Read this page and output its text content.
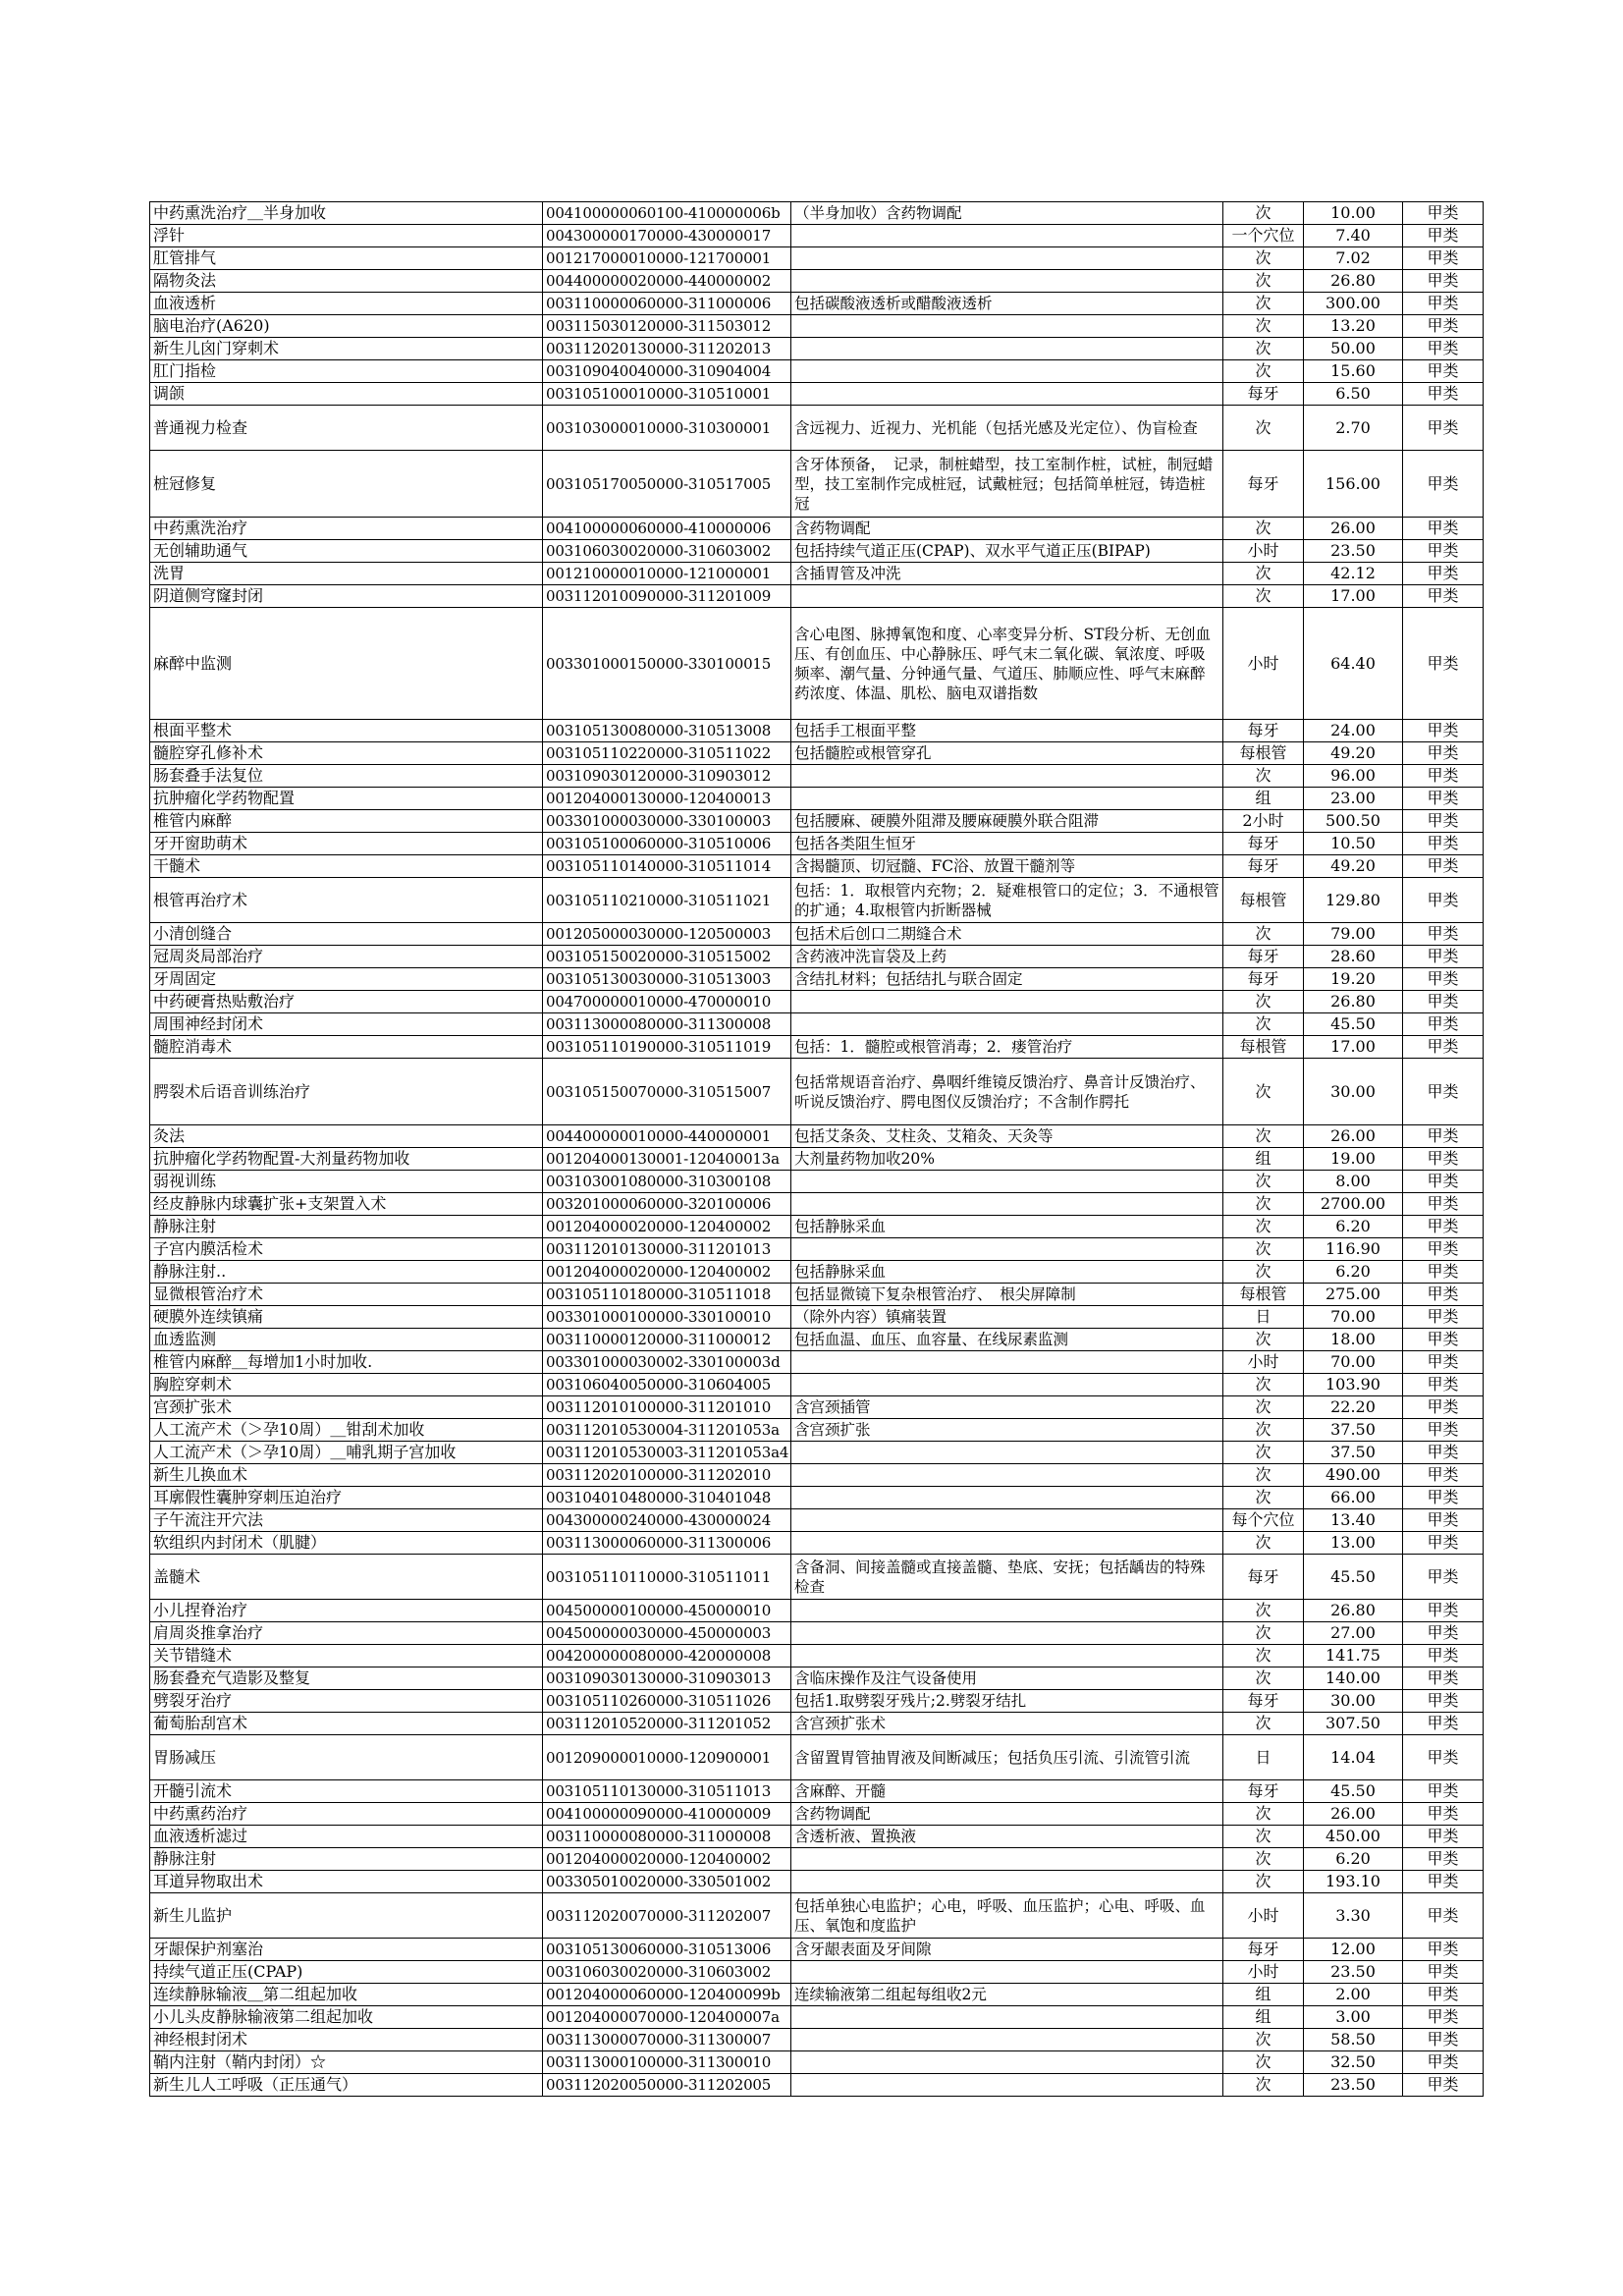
中药熏洗治疗＿半身加收	004100000060100-410000006b	（半身加收）含药物调配	次	10.00	甲类
浮针	004300000170000-430000017		一个穴位	7.40	甲类
肛管排气	001217000010000-121700001		次	7.02	甲类
隔物灸法	004400000020000-440000002		次	26.80	甲类
血液透析	003110000060000-311000006	包括碳酸液透析或醋酸液透析	次	300.00	甲类
脑电治疗(A620)	003115030120000-311503012		次	13.20	甲类
新生儿囟门穿刺术	003112020130000-311202013		次	50.00	甲类
肛门指检	003109040040000-310904004		次	15.60	甲类
调颌	003105100010000-310510001		每牙	6.50	甲类
普通视力检查	003103000010000-310300001	含远视力、近视力、光机能（包括光感及光定位）、伪盲检查	次	2.70	甲类
桩冠修复	003105170050000-310517005	含牙体预备，　记录，制桩蜡型，技工室制作桩，试桩，制冠蜡型，技工室制作完成桩冠，试戴桩冠；包括简单桩冠，铸造桩冠	每牙	156.00	甲类
中药熏洗治疗	004100000060000-410000006	含药物调配	次	26.00	甲类
无创辅助通气	003106030020000-310603002	包括持续气道正压(CPAP)、双水平气道正压(BIPAP)	小时	23.50	甲类
洗胃	001210000010000-121000001	含插胃管及冲洗	次	42.12	甲类
阴道侧穹窿封闭	003112010090000-311201009		次	17.00	甲类
麻醉中监测	003301000150000-330100015	含心电图、脉搏氧饱和度、心率变异分析、ST段分析、无创血压、有创血压、中心静脉压、呼气末二氧化碳、氧浓度、呼吸频率、潮气量、分钟通气量、气道压、肺顺应性、呼气末麻醉药浓度、体温、肌松、脑电双谱指数	小时	64.40	甲类
根面平整术	003105130080000-310513008	包括手工根面平整	每牙	24.00	甲类
髓腔穿孔修补术	003105110220000-310511022	包括髓腔或根管穿孔	每根管	49.20	甲类
肠套叠手法复位	003109030120000-310903012		次	96.00	甲类
抗肿瘤化学药物配置	001204000130000-120400013		组	23.00	甲类
椎管内麻醉	003301000030000-330100003	包括腰麻、硬膜外阻滞及腰麻硬膜外联合阻滞	2小时	500.50	甲类
牙开窗助萌术	003105100060000-310510006	包括各类阻生恒牙	每牙	10.50	甲类
干髓术	003105110140000-310511014	含揭髓顶、切冠髓、FC浴、放置干髓剂等	每牙	49.20	甲类
根管再治疗术	003105110210000-310511021	包括：1．取根管内充物；2．疑难根管口的定位；3．不通根管的扩通；4.取根管内折断器械	每根管	129.80	甲类
小清创缝合	001205000030000-120500003	包括术后创口二期缝合术	次	79.00	甲类
冠周炎局部治疗	003105150020000-310515002	含药液冲洗盲袋及上药	每牙	28.60	甲类
牙周固定	003105130030000-310513003	含结扎材料；包括结扎与联合固定	每牙	19.20	甲类
中药硬膏热贴敷治疗	004700000010000-470000010		次	26.80	甲类
周围神经封闭术	003113000080000-311300008		次	45.50	甲类
髓腔消毒术	003105110190000-310511019	包括：1．髓腔或根管消毒；2．瘘管治疗	每根管	17.00	甲类
腭裂术后语音训练治疗	003105150070000-310515007	包括常规语音治疗、鼻咽纤维镜反馈治疗、鼻音计反馈治疗、听说反馈治疗、腭电图仪反馈治疗；不含制作腭托	次	30.00	甲类
灸法	004400000010000-440000001	包括艾条灸、艾柱灸、艾箱灸、天灸等	次	26.00	甲类
抗肿瘤化学药物配置-大剂量药物加收	001204000130001-120400013a	大剂量药物加收20%	组	19.00	甲类
弱视训练	003103001080000-310300108		次	8.00	甲类
经皮静脉内球囊扩张+支架置入术	003201000060000-320100006		次	2700.00	甲类
静脉注射	001204000020000-120400002	包括静脉采血	次	6.20	甲类
子宫内膜活检术	003112010130000-311201013		次	116.90	甲类
静脉注射..	001204000020000-120400002	包括静脉采血	次	6.20	甲类
显微根管治疗术	003105110180000-310511018	包括显微镜下复杂根管治疗、　根尖屏障制	每根管	275.00	甲类
硬膜外连续镇痛	003301000100000-330100010	（除外内容）镇痛装置	日	70.00	甲类
血透监测	003110000120000-311000012	包括血温、血压、血容量、在线尿素监测	次	18.00	甲类
椎管内麻醉＿每增加1小时加收.	003301000030002-330100003d		小时	70.00	甲类
胸腔穿刺术	003106040050000-310604005		次	103.90	甲类
宫颈扩张术	003112010100000-311201010	含宫颈插管	次	22.20	甲类
人工流产术（＞孕10周）＿钳刮术加收	003112010530004-311201053a	含宫颈扩张	次	37.50	甲类
人工流产术（＞孕10周）＿哺乳期子宫加收	003112010530003-311201053a4		次	37.50	甲类
新生儿换血术	003112020100000-311202010		次	490.00	甲类
耳廓假性囊肿穿刺压迫治疗	003104010480000-310401048		次	66.00	甲类
子午流注开穴法	004300000240000-430000024		每个穴位	13.40	甲类
软组织内封闭术（肌腱）	003113000060000-311300006		次	13.00	甲类
盖髓术	003105110110000-310511011	含备洞、间接盖髓或直接盖髓、垫底、安抚；包括龋齿的特殊检查	每牙	45.50	甲类
小儿捏脊治疗	004500000100000-450000010		次	26.80	甲类
肩周炎推拿治疗	004500000030000-450000003		次	27.00	甲类
关节错缝术	004200000080000-420000008		次	141.75	甲类
肠套叠充气造影及整复	003109030130000-310903013	含临床操作及注气设备使用	次	140.00	甲类
劈裂牙治疗	003105110260000-310511026	包括1.取劈裂牙残片;2.劈裂牙结扎	每牙	30.00	甲类
葡萄胎刮宫术	003112010520000-311201052	含宫颈扩张术	次	307.50	甲类
胃肠减压	001209000010000-120900001	含留置胃管抽胃液及间断减压；包括负压引流、引流管引流	日	14.04	甲类
开髓引流术	003105110130000-310511013	含麻醉、开髓	每牙	45.50	甲类
中药熏药治疗	004100000090000-410000009	含药物调配	次	26.00	甲类
血液透析滤过	003110000080000-311000008	含透析液、置换液	次	450.00	甲类
静脉注射	001204000020000-120400002		次	6.20	甲类
耳道异物取出术	003305010020000-330501002		次	193.10	甲类
新生儿监护	003112020070000-311202007	包括单独心电监护；心电，呼吸、血压监护；心电、呼吸、血压、氧饱和度监护	小时	3.30	甲类
牙龈保护剂塞治	003105130060000-310513006	含牙龈表面及牙间隙	每牙	12.00	甲类
持续气道正压(CPAP)	003106030020000-310603002		小时	23.50	甲类
连续静脉输液＿第二组起加收	001204000060000-120400099b	连续输液第二组起每组收2元	组	2.00	甲类
小儿头皮静脉输液第二组起加收	001204000070000-120400007a		组	3.00	甲类
神经根封闭术	003113000070000-311300007		次	58.50	甲类
鞘内注射（鞘内封闭）☆	003113000100000-311300010		次	32.50	甲类
新生儿人工呼吸（正压通气）	003112020050000-311202005		次	23.50	甲类
